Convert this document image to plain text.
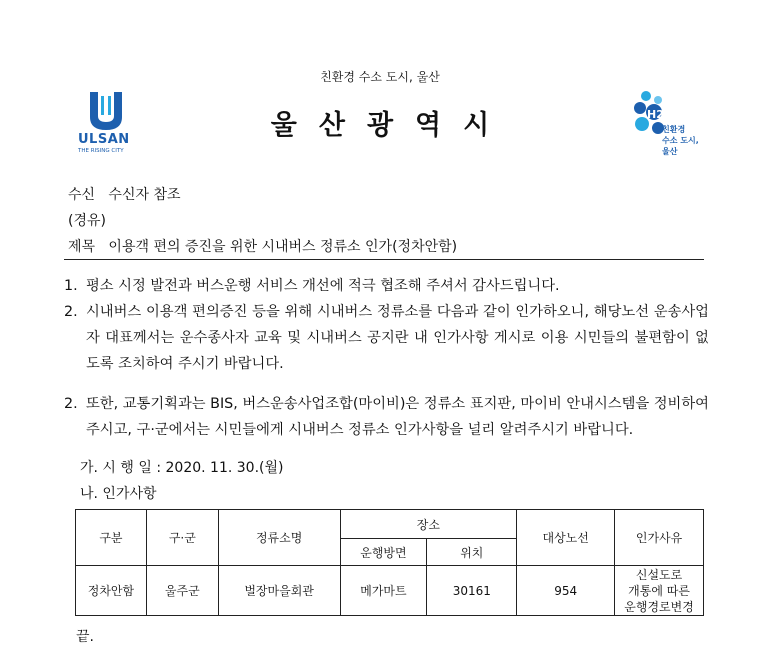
친환경 수소 도시, 울산
울산광역시
ULSAN
THE RISING CITY
H2
친환경
수소 도시,
울산
수신 수신자 참조
(경유)
제목 이용객 편의 증진을 위한 시내버스 정류소 인가(정차안함)
1. 평소 시정 발전과 버스운행 서비스 개선에 적극 협조해 주셔서 감사드립니다.
2. 시내버스 이용객 편의증진 등을 위해 시내버스 정류소를 다음과 같이 인가하오니, 해당노선 운송사업자 대표께서는 운수종사자 교육 및 시내버스 공지란 내 인가사항 게시로 이용 시민들의 불편함이 없도록 조치하여 주시기 바랍니다.
2. 또한, 교통기획과는 BIS, 버스운송사업조합(마이비)은 정류소 표지판, 마이비 안내시스템을 정비하여 주시고, 구·군에서는 시민들에게 시내버스 정류소 인가사항을 널리 알려주시기 바랍니다.
가. 시 행 일 : 2020. 11. 30.(월)
나. 인가사항
구분	구·군	정류소명	장소		대상노선	인가사유
			운행방면	위치		
정차안함	울주군	벌장마을회관	메가마트	30161	954	신설도로
개통에 따른
운행경로변경
끝.
